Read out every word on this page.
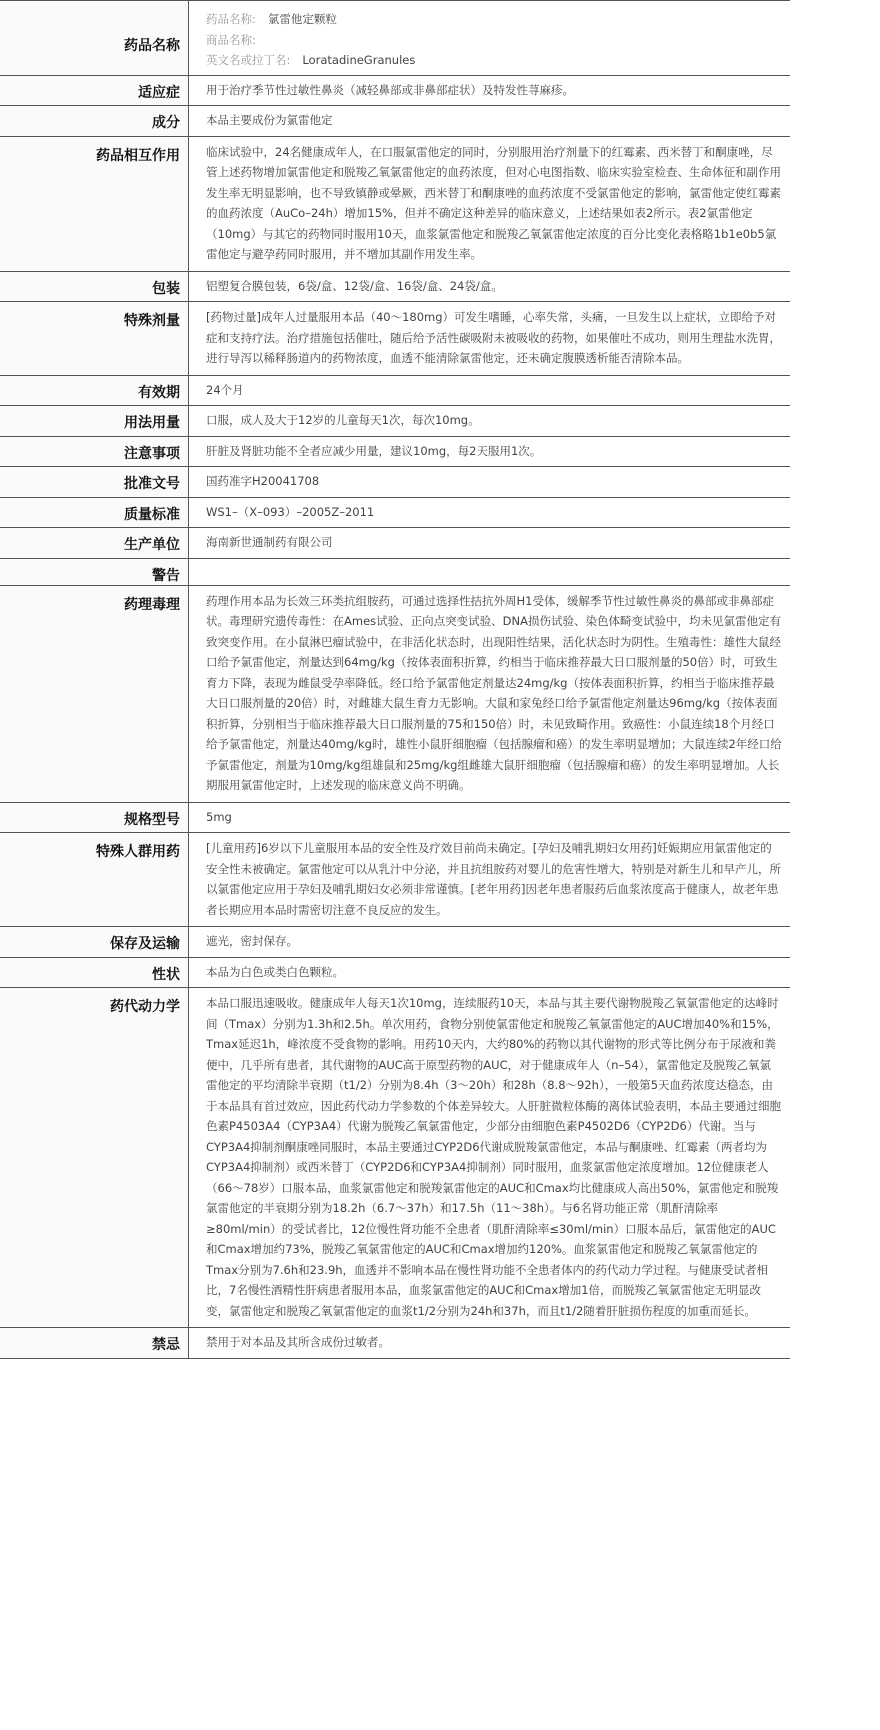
药品名称	药品名称: 氯雷他定颗粒
商品名称:
英文名或拉丁名: LoratadineGranules

适应症	用于治疗季节性过敏性鼻炎（减轻鼻部或非鼻部症状）及特发性荨麻疹。
成分	本品主要成份为氯雷他定
药品相互作用	临床试验中，24名健康成年人，在口服氯雷他定的同时，分别服用治疗剂量下的红霉素、西米替丁和酮康唑，尽管上述药物增加氯雷他定和脱羧乙氧氯雷他定的血药浓度，但对心电图指数、临床实验室检查、生命体征和副作用发生率无明显影响，也不导致镇静或晕厥，西米替丁和酮康唑的血药浓度不受氯雷他定的影响，氯雷他定使红霉素的血药浓度（AuCo–24h）增加15%，但并不确定这种差异的临床意义，上述结果如表2所示。表2氯雷他定（10mg）与其它的药物同时服用10天，血浆氯雷他定和脱羧乙氧氯雷他定浓度的百分比变化表格略1b1e0b5氯雷他定与避孕药同时服用，并不增加其副作用发生率。
包装	铝塑复合膜包装，6袋/盒、12袋/盒、16袋/盒、24袋/盒。
特殊剂量	[药物过量]成年人过量服用本品（40～180mg）可发生嗜睡，心率失常，头痛，一旦发生以上症状，立即给予对症和支持疗法。治疗措施包括催吐，随后给予活性碳吸附未被吸收的药物，如果催吐不成功，则用生理盐水洗胃，进行导泻以稀释肠道内的药物浓度，血透不能清除氯雷他定，还未确定腹膜透析能否清除本品。
有效期	24个月
用法用量	口服，成人及大于12岁的儿童每天1次，每次10mg。
注意事项	肝脏及肾脏功能不全者应减少用量，建议10mg，每2天服用1次。
批准文号	国药准字H20041708
质量标准	WS1–（X–093）–2005Z–2011
生产单位	海南新世通制药有限公司
警告	
药理毒理	药理作用本品为长效三环类抗组胺药，可通过选择性拮抗外周H1受体，缓解季节性过敏性鼻炎的鼻部或非鼻部症状。毒理研究遗传毒性：在Ames试验、正向点突变试验、DNA损伤试验、染色体畸变试验中，均未见氯雷他定有致突变作用。在小鼠淋巴瘤试验中，在非活化状态时，出现阳性结果，活化状态时为阴性。生殖毒性：雄性大鼠经口给予氯雷他定，剂量达到64mg/kg（按体表面积折算，约相当于临床推荐最大日口服剂量的50倍）时，可致生育力下降，表现为雌鼠受孕率降低。经口给予氯雷他定剂量达24mg/kg（按体表面积折算，约相当于临床推荐最大日口服剂量的20倍）时，对雌雄大鼠生育力无影响。大鼠和家兔经口给予氯雷他定剂量达96mg/kg（按体表面积折算，分别相当于临床推荐最大日口服剂量的75和150倍）时，未见致畸作用。致癌性：小鼠连续18个月经口给予氯雷他定，剂量达40mg/kg时，雄性小鼠肝细胞瘤（包括腺瘤和癌）的发生率明显增加；大鼠连续2年经口给予氯雷他定，剂量为10mg/kg组雄鼠和25mg/kg组雌雄大鼠肝细胞瘤（包括腺瘤和癌）的发生率明显增加。人长期服用氯雷他定时，上述发现的临床意义尚不明确。
规格型号	5mg
特殊人群用药	[儿童用药]6岁以下儿童服用本品的安全性及疗效目前尚未确定。[孕妇及哺乳期妇女用药]妊娠期应用氯雷他定的安全性未被确定。氯雷他定可以从乳汁中分泌，并且抗组胺药对婴儿的危害性增大，特别是对新生儿和早产儿，所以氯雷他定应用于孕妇及哺乳期妇女必须非常谨慎。[老年用药]因老年患者服药后血浆浓度高于健康人，故老年患者长期应用本品时需密切注意不良反应的发生。
保存及运输	遮光，密封保存。
性状	本品为白色或类白色颗粒。
药代动力学	本品口服迅速吸收。健康成年人每天1次10mg，连续服药10天，本品与其主要代谢物脱羧乙氧氯雷他定的达峰时间（Tmax）分别为1.3h和2.5h。单次用药，食物分别使氯雷他定和脱羧乙氧氯雷他定的AUC增加40%和15%，Tmax延迟1h，峰浓度不受食物的影响。用药10天内，大约80%的药物以其代谢物的形式等比例分布于尿液和粪便中，几乎所有患者，其代谢物的AUC高于原型药物的AUC，对于健康成年人（n–54），氯雷他定及脱羧乙氧氯雷他定的平均清除半衰期（t1/2）分别为8.4h（3～20h）和28h（8.8～92h），一般第5天血药浓度达稳态，由于本品具有首过效应，因此药代动力学参数的个体差异较大。人肝脏微粒体酶的离体试验表明，本品主要通过细胞色素P4503A4（CYP3A4）代谢为脱羧乙氧氯雷他定，少部分由细胞色素P4502D6（CYP2D6）代谢。当与CYP3A4抑制剂酮康唑同服时，本品主要通过CYP2D6代谢成脱羧氯雷他定，本品与酮康唑、红霉素（两者均为CYP3A4抑制剂）或西米替丁（CYP2D6和CYP3A4抑制剂）同时服用，血浆氯雷他定浓度增加。12位健康老人（66～78岁）口服本品，血浆氯雷他定和脱羧氯雷他定的AUC和Cmax均比健康成人高出50%，氯雷他定和脱羧氯雷他定的半衰期分别为18.2h（6.7～37h）和17.5h（11～38h）。与6名肾功能正常（肌酐清除率≥80ml/min）的受试者比，12位慢性肾功能不全患者（肌酐清除率≤30ml/min）口服本品后，氯雷他定的AUC和Cmax增加约73%，脱羧乙氧氯雷他定的AUC和Cmax增加约120%。血浆氯雷他定和脱羧乙氧氯雷他定的Tmax分别为7.6h和23.9h，血透并不影响本品在慢性肾功能不全患者体内的药代动力学过程。与健康受试者相比，7名慢性酒精性肝病患者服用本品，血浆氯雷他定的AUC和Cmax增加1倍，而脱羧乙氧氯雷他定无明显改变，氯雷他定和脱羧乙氧氯雷他定的血浆t1/2分别为24h和37h，而且t1/2随着肝脏损伤程度的加重而延长。
禁忌	禁用于对本品及其所含成份过敏者。
